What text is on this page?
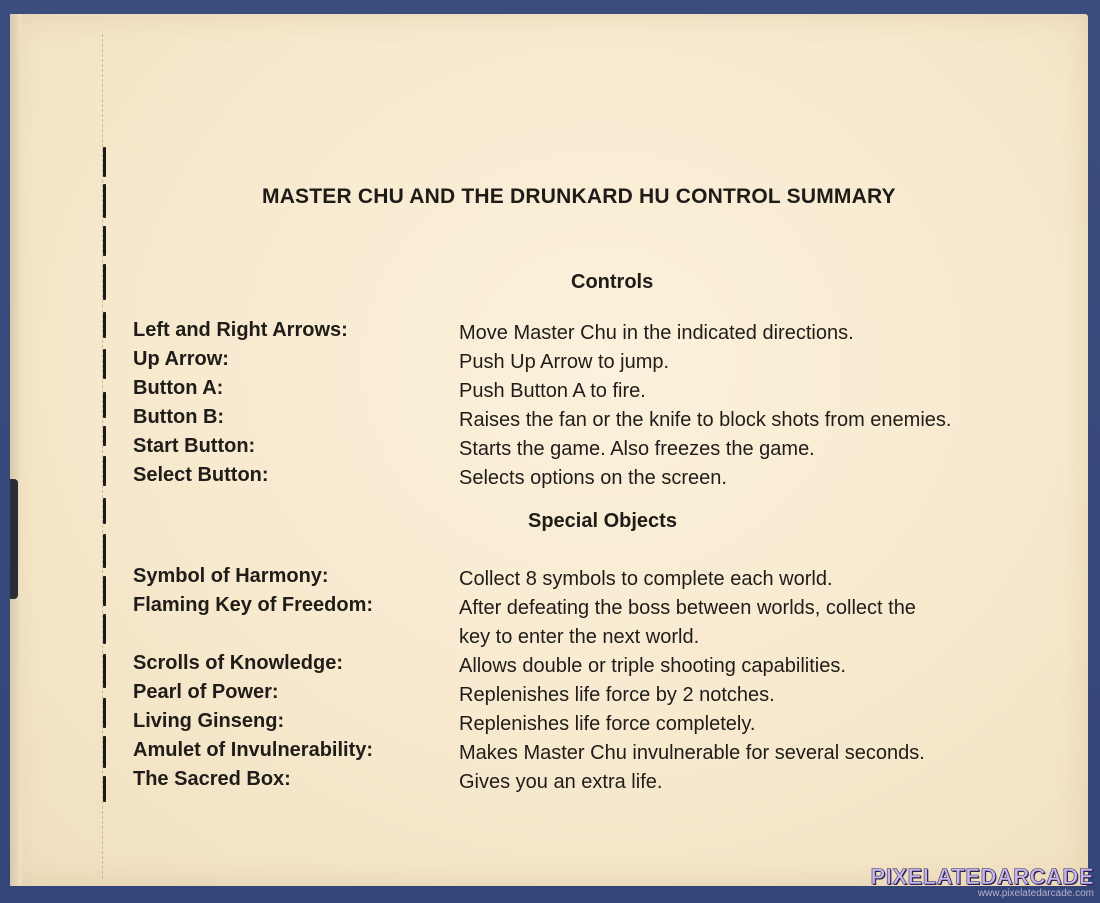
MASTER CHU AND THE DRUNKARD HU CONTROL SUMMARY
Controls
Left and Right Arrows:	Move Master Chu in the indicated directions.
Up Arrow:	Push Up Arrow to jump.
Button A:	Push Button A to fire.
Button B:	Raises the fan or the knife to block shots from enemies.
Start Button:	Starts the game. Also freezes the game.
Select Button:	Selects options on the screen.
Special Objects
Symbol of Harmony:	Collect 8 symbols to complete each world.
Flaming Key of Freedom:	After defeating the boss between worlds, collect the
key to enter the next world.
Scrolls of Knowledge:	Allows double or triple shooting capabilities.
Pearl of Power:	Replenishes life force by 2 notches.
Living Ginseng:	Replenishes life force completely.
Amulet of Invulnerability:	Makes Master Chu invulnerable for several seconds.
The Sacred Box:	Gives you an extra life.
PIXELATEDARCADE
www.pixelatedarcade.com
